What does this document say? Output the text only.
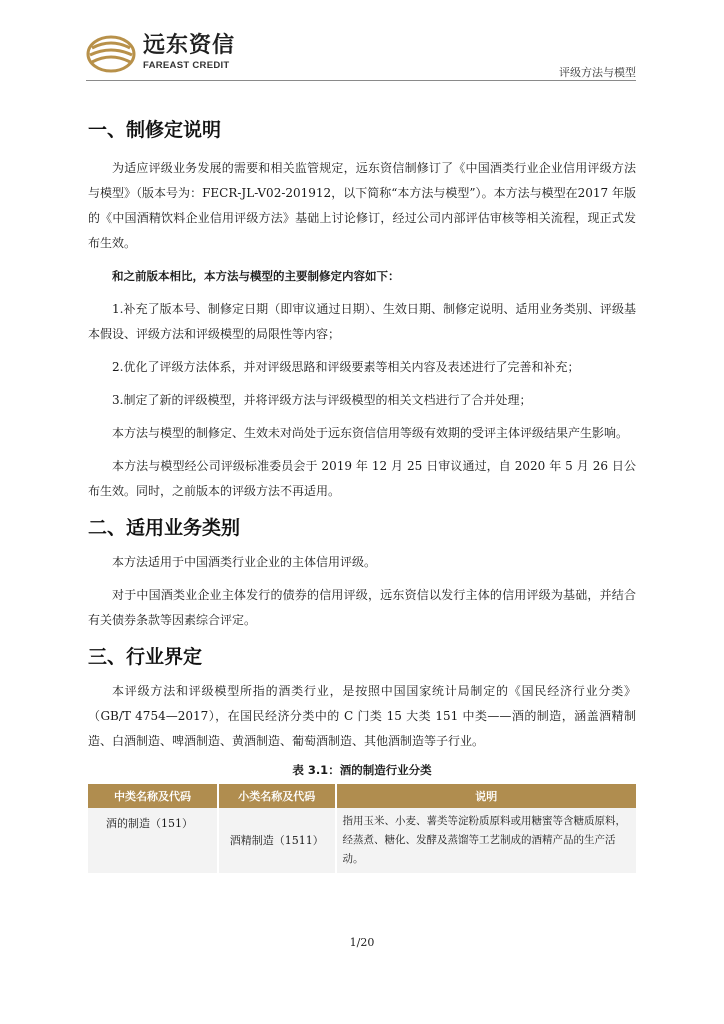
远东资信
FAREAST CREDIT
评级方法与模型
一、制修定说明

为适应评级业务发展的需要和相关监管规定，远东资信制修订了《中国酒类行业企业信用评级方法与模型》（版本号为：FECR-JL-V02-201912，以下简称“本方法与模型”）。本方法与模型在2017 年版的《中国酒精饮料企业信用评级方法》基础上讨论修订，经过公司内部评估审核等相关流程，现正式发布生效。

和之前版本相比，本方法与模型的主要制修定内容如下：

1.补充了版本号、制修定日期（即审议通过日期）、生效日期、制修定说明、适用业务类别、评级基本假设、评级方法和评级模型的局限性等内容；

2.优化了评级方法体系，并对评级思路和评级要素等相关内容及表述进行了完善和补充；

3.制定了新的评级模型，并将评级方法与评级模型的相关文档进行了合并处理；

本方法与模型的制修定、生效未对尚处于远东资信信用等级有效期的受评主体评级结果产生影响。

本方法与模型经公司评级标准委员会于 2019 年 12 月 25 日审议通过，自 2020 年 5 月 26 日公布生效。同时，之前版本的评级方法不再适用。

二、适用业务类别

本方法适用于中国酒类行业企业的主体信用评级。

对于中国酒类业企业主体发行的债券的信用评级，远东资信以发行主体的信用评级为基础，并结合有关债券条款等因素综合评定。

三、行业界定

本评级方法和评级模型所指的酒类行业，是按照中国国家统计局制定的《国民经济行业分类》（GB/T 4754—2017），在国民经济分类中的 C 门类 15 大类 151 中类——酒的制造，涵盖酒精制造、白酒制造、啤酒制造、黄酒制造、葡萄酒制造、其他酒制造等子行业。

表 3.1：酒的制造行业分类
中类名称及代码	小类名称及代码	说明
酒的制造（151）	酒精制造（1511）	指用玉米、小麦、薯类等淀粉质原料或用糖蜜等含糖质原料，经蒸煮、糖化、发酵及蒸馏等工艺制成的酒精产品的生产活动。
1/20
